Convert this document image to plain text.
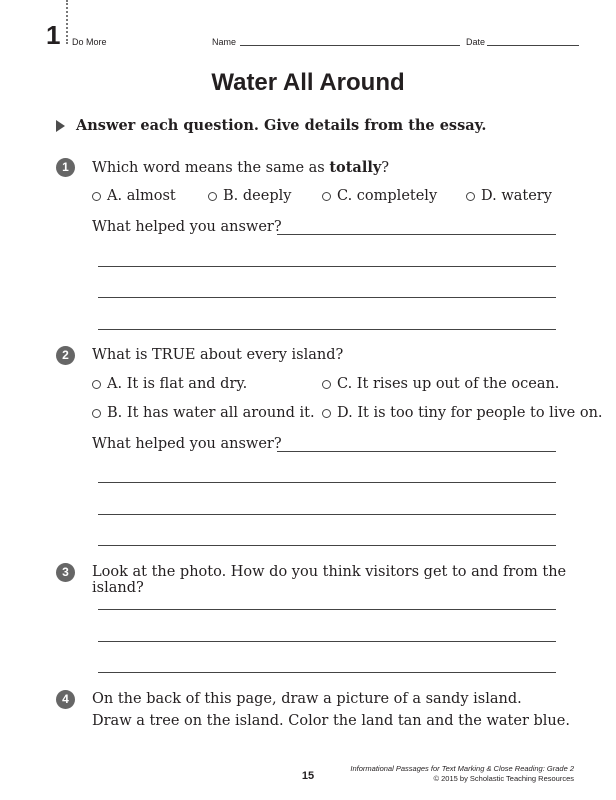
1 Do More	Name	Date
Water All Around
Answer each question. Give details from the essay.
1	Which word means the same as totally?
A. almost	B. deeply	C. completely	D. watery
What helped you answer?
2	What is TRUE about every island?
A. It is flat and dry.	C. It rises up out of the ocean.
B. It has water all around it. D. It is too tiny for people to live on.
What helped you answer?
3	Look at the photo. How do you think visitors get to and from the island?
4	On the back of this page, draw a picture of a sandy island.
Draw a tree on the island. Color the land tan and the water blue.
15
Informational Passages for Text Marking & Close Reading: Grade 2
© 2015 by Scholastic Teaching Resources
